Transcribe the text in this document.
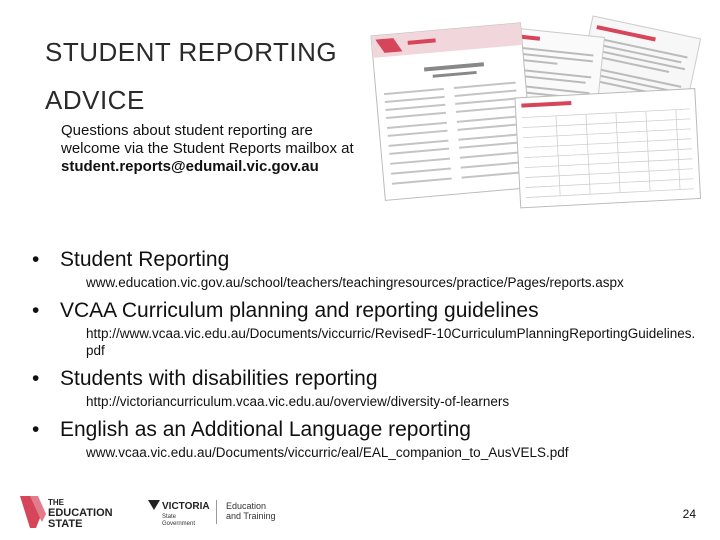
STUDENT REPORTING
ADVICE
Questions about student reporting are welcome via the Student Reports mailbox at
student.reports@edumail.vic.gov.au
• Student Reporting
www.education.vic.gov.au/school/teachers/teachingresources/practice/Pages/reports.aspx
• VCAA Curriculum planning and reporting guidelines
http://www.vcaa.vic.edu.au/Documents/viccurric/RevisedF-10CurriculumPlanningReportingGuidelines.pdf
• Students with disabilities reporting
http://victoriancurriculum.vcaa.vic.edu.au/overview/diversity-of-learners
• English as an Additional Language reporting
www.vcaa.vic.edu.au/Documents/viccurric/eal/EAL_companion_to_AusVELS.pdf
THE
EDUCATION
STATE
VICTORIA
State
Government
Education
and Training	24
